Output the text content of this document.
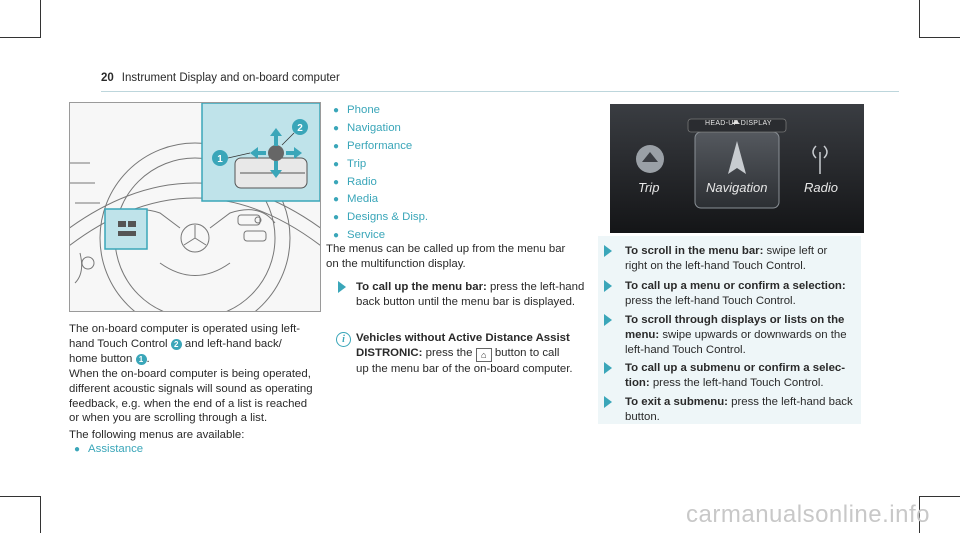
20 Instrument Display and on-board computer
1
2

The on-board computer is operated using left-

hand Touch Control 2 and left-hand back/

home button 1 .

When the on-board computer is being operated,

different acoustic signals will sound as operating

feedback, e.g. when the end of a list is reached

or when you are scrolling through a list.

The following menus are available:
● Assistance
● Phone
● Navigation
● Performance
● Trip
● Radio
● Media
● Designs & Disp.
● Service

The menus can be called up from the menu bar

on the multifunction display.

To call up the menu bar: press the left-hand

back button until the menu bar is displayed.

i Vehicles without Active Distance Assist

DISTRONIC: press the ⌂ button to call

up the menu bar of the on-board computer.

HEAD-UP DISPLAY
Trip	Navigation	Radio

To scroll in the menu bar: swipe left or

right on the left-hand Touch Control.

To call up a menu or confirm a selection:

press the left-hand Touch Control.

To scroll through displays or lists on the

menu: swipe upwards or downwards on the

left-hand Touch Control.

To call up a submenu or confirm a selec-

tion: press the left-hand Touch Control.

To exit a submenu: press the left-hand back

button.

carmanualsonline.info
